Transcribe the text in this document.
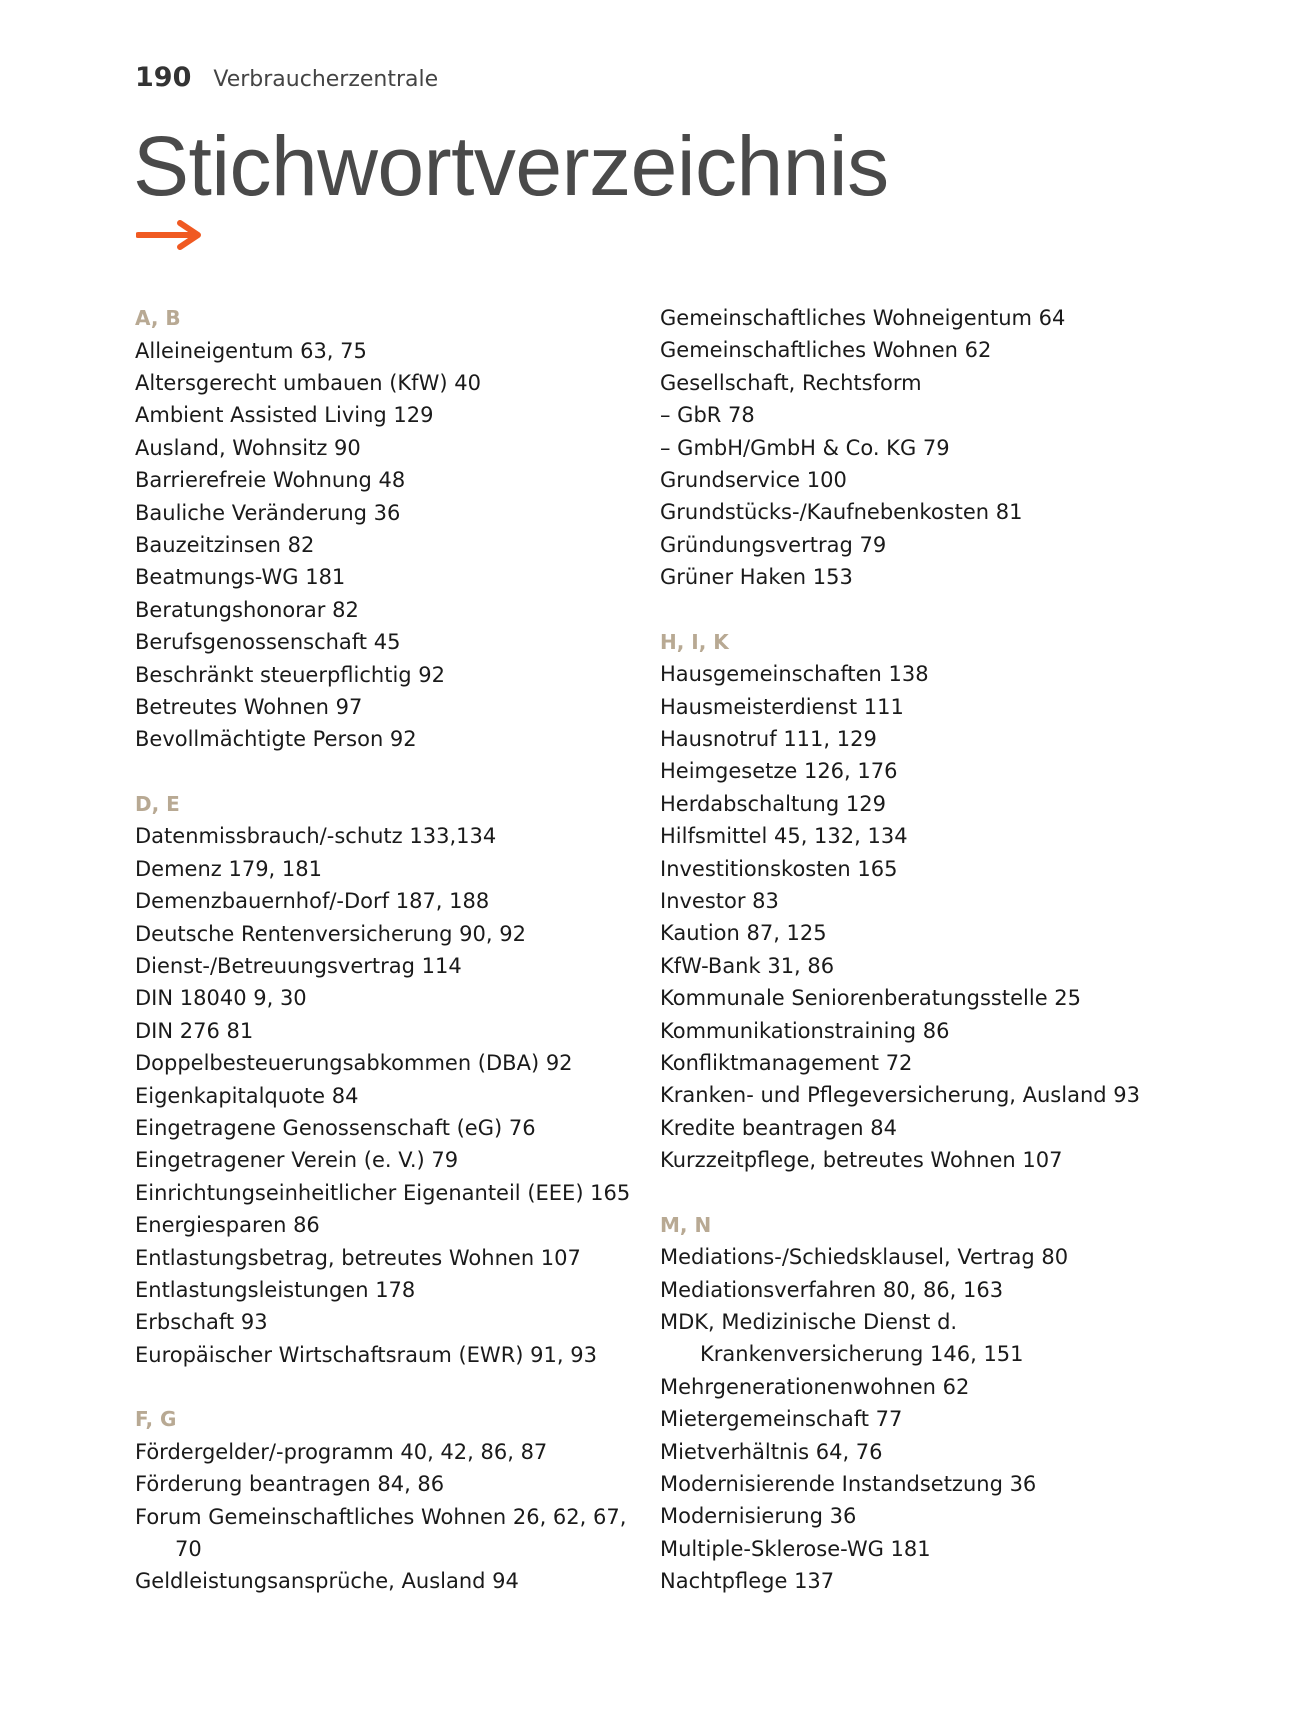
190 Verbraucherzentrale
Stichwortverzeichnis
A, B
Alleineigentum 63, 75
Altersgerecht umbauen (KfW) 40
Ambient Assisted Living 129
Ausland, Wohnsitz 90
Barrierefreie Wohnung 48
Bauliche Veränderung 36
Bauzeitzinsen 82
Beatmungs-WG 181
Beratungshonorar 82
Berufsgenossenschaft 45
Beschränkt steuerpflichtig 92
Betreutes Wohnen 97
Bevollmächtigte Person 92
D, E
Datenmissbrauch/-schutz 133,134
Demenz 179, 181
Demenzbauernhof/-Dorf 187, 188
Deutsche Rentenversicherung 90, 92
Dienst-/Betreuungsvertrag 114
DIN 18040 9, 30
DIN 276 81
Doppelbesteuerungsabkommen (DBA) 92
Eigenkapitalquote 84
Eingetragene Genossenschaft (eG) 76
Eingetragener Verein (e. V.) 79
Einrichtungseinheitlicher Eigenanteil (EEE) 165
Energiesparen 86
Entlastungsbetrag, betreutes Wohnen 107
Entlastungsleistungen 178
Erbschaft 93
Europäischer Wirtschaftsraum (EWR) 91, 93
F, G
Fördergelder/-programm 40, 42, 86, 87
Förderung beantragen 84, 86
Forum Gemeinschaftliches Wohnen 26, 62, 67,
70
Geldleistungsansprüche, Ausland 94
Gemeinschaftliches Wohneigentum 64
Gemeinschaftliches Wohnen 62
Gesellschaft, Rechtsform
– GbR 78
– GmbH/GmbH & Co. KG 79
Grundservice 100
Grundstücks-/Kaufnebenkosten 81
Gründungsvertrag 79
Grüner Haken 153
H, I, K
Hausgemeinschaften 138
Hausmeisterdienst 111
Hausnotruf 111, 129
Heimgesetze 126, 176
Herdabschaltung 129
Hilfsmittel 45, 132, 134
Investitionskosten 165
Investor 83
Kaution 87, 125
KfW-Bank 31, 86
Kommunale Seniorenberatungsstelle 25
Kommunikationstraining 86
Konfliktmanagement 72
Kranken- und Pflegeversicherung, Ausland 93
Kredite beantragen 84
Kurzzeitpflege, betreutes Wohnen 107
M, N
Mediations-/Schiedsklausel, Vertrag 80
Mediationsverfahren 80, 86, 163
MDK, Medizinische Dienst d.
Krankenversicherung 146, 151
Mehrgenerationenwohnen 62
Mietergemeinschaft 77
Mietverhältnis 64, 76
Modernisierende Instandsetzung 36
Modernisierung 36
Multiple-Sklerose-WG 181
Nachtpflege 137
